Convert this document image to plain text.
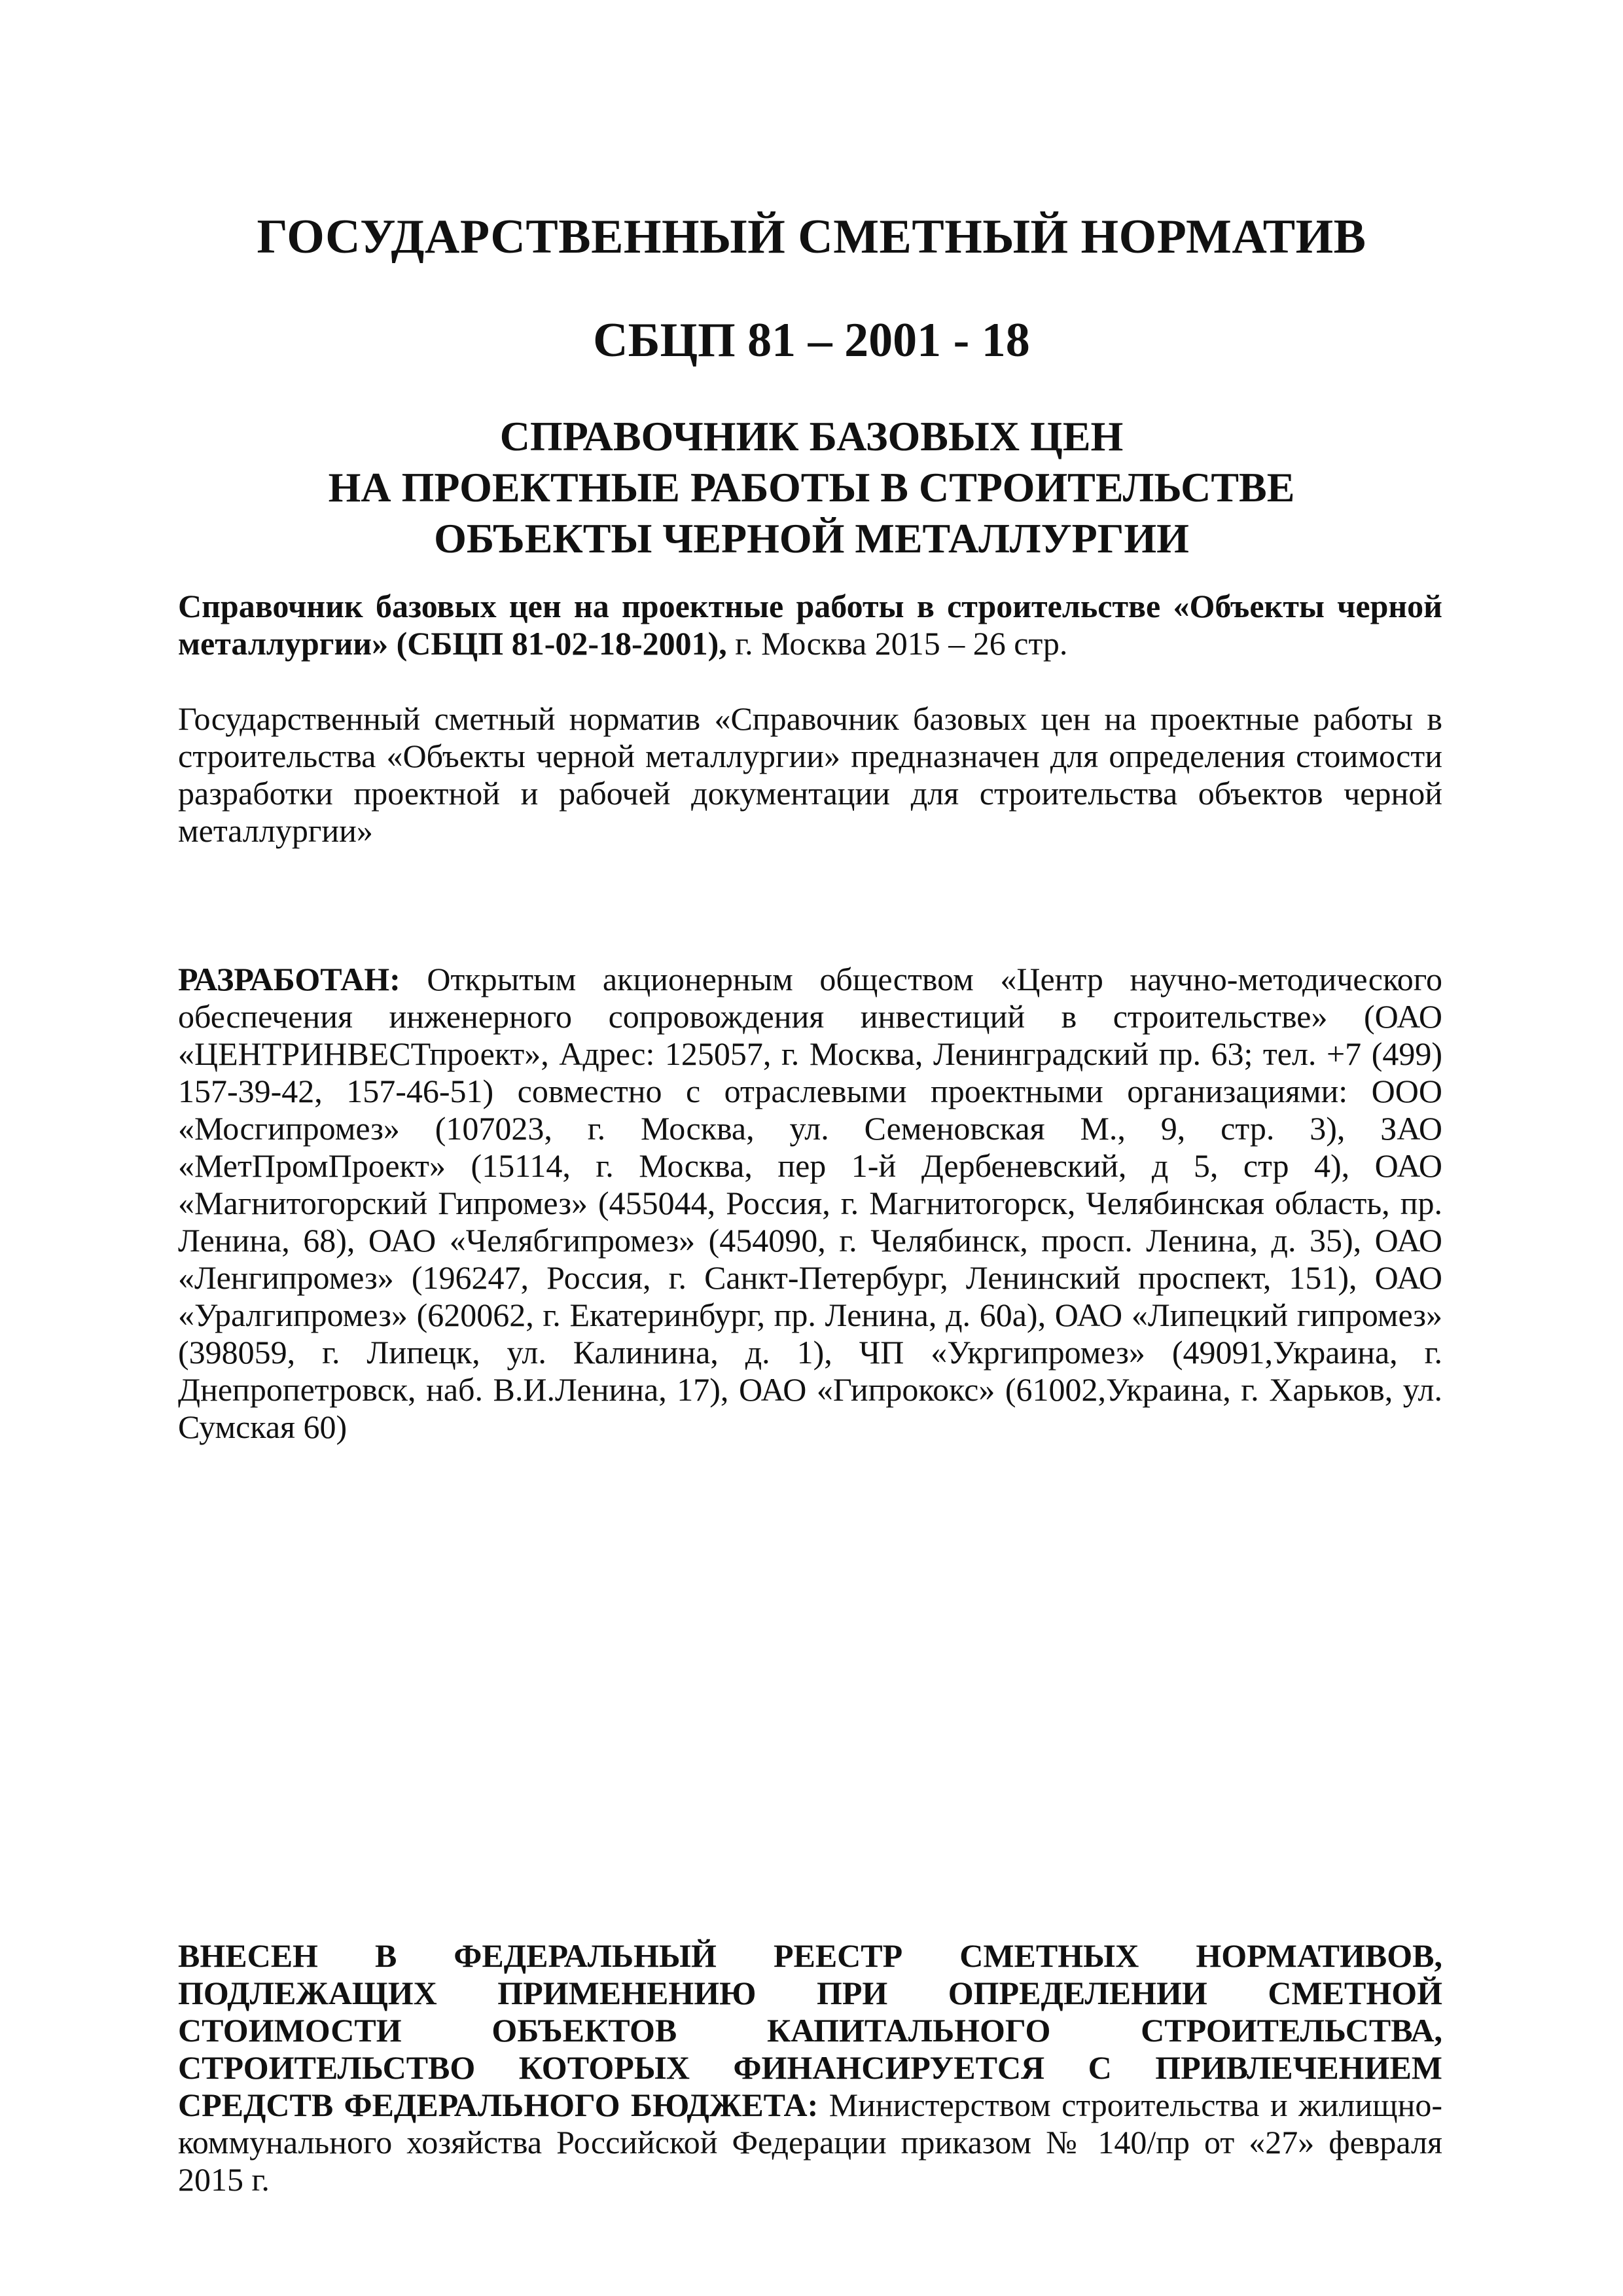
ГОСУДАРСТВЕННЫЙ СМЕТНЫЙ НОРМАТИВ
СБЦП 81 – 2001 - 18
СПРАВОЧНИК БАЗОВЫХ ЦЕН
НА ПРОЕКТНЫЕ РАБОТЫ В СТРОИТЕЛЬСТВЕ
ОБЪЕКТЫ ЧЕРНОЙ МЕТАЛЛУРГИИ

Справочник базовых цен на проектные работы в строительстве «Объекты черной металлургии» (СБЦП 81-02-18-2001), г. Москва 2015 – 26 стр.

Государственный сметный норматив «Справочник базовых цен на проектные работы в строительства «Объекты черной металлургии» предназначен для определения стоимости разработки проектной и рабочей документации для строительства объектов черной металлургии»

РАЗРАБОТАН: Открытым акционерным обществом «Центр научно-методического обеспечения инженерного сопровождения инвестиций в строительстве» (ОАО «ЦЕНТРИНВЕСТпроект», Адрес: 125057, г. Москва, Ленинградский пр. 63; тел. +7 (499) 157-39-42, 157-46-51) совместно с отраслевыми проектными организациями: ООО «Мосгипромез» (107023, г. Москва, ул. Семеновская М., 9, стр. 3), ЗАО «МетПромПроект» (15114, г. Москва, пер 1-й Дербеневский, д 5, стр 4), ОАО «Магнитогорский Гипромез» (455044, Россия, г. Магнитогорск, Челябинская область, пр. Ленина, 68), ОАО «Челябгипромез» (454090, г. Челябинск, просп. Ленина, д. 35), ОАО «Ленгипромез» (196247, Россия, г. Санкт-Петербург, Ленинский проспект, 151), ОАО «Уралгипромез» (620062, г. Екатеринбург, пр. Ленина, д. 60а), ОАО «Липецкий гипромез» (398059, г. Липецк, ул. Калинина, д. 1), ЧП «Укргипромез» (49091,Украина, г. Днепропетровск, наб. В.И.Ленина, 17), ОАО «Гипрококс» (61002,Украина, г. Харьков, ул. Сумская 60)

ВНЕСЕН В ФЕДЕРАЛЬНЫЙ РЕЕСТР СМЕТНЫХ НОРМАТИВОВ, ПОДЛЕЖАЩИХ ПРИМЕНЕНИЮ ПРИ ОПРЕДЕЛЕНИИ СМЕТНОЙ СТОИМОСТИ ОБЪЕКТОВ КАПИТАЛЬНОГО СТРОИТЕЛЬСТВА, СТРОИТЕЛЬСТВО КОТОРЫХ ФИНАНСИРУЕТСЯ С ПРИВЛЕЧЕНИЕМ СРЕДСТВ ФЕДЕРАЛЬНОГО БЮДЖЕТА: Министерством строительства и жилищно-коммунального хозяйства Российской Федерации приказом № 140/пр от «27» февраля 2015 г.
